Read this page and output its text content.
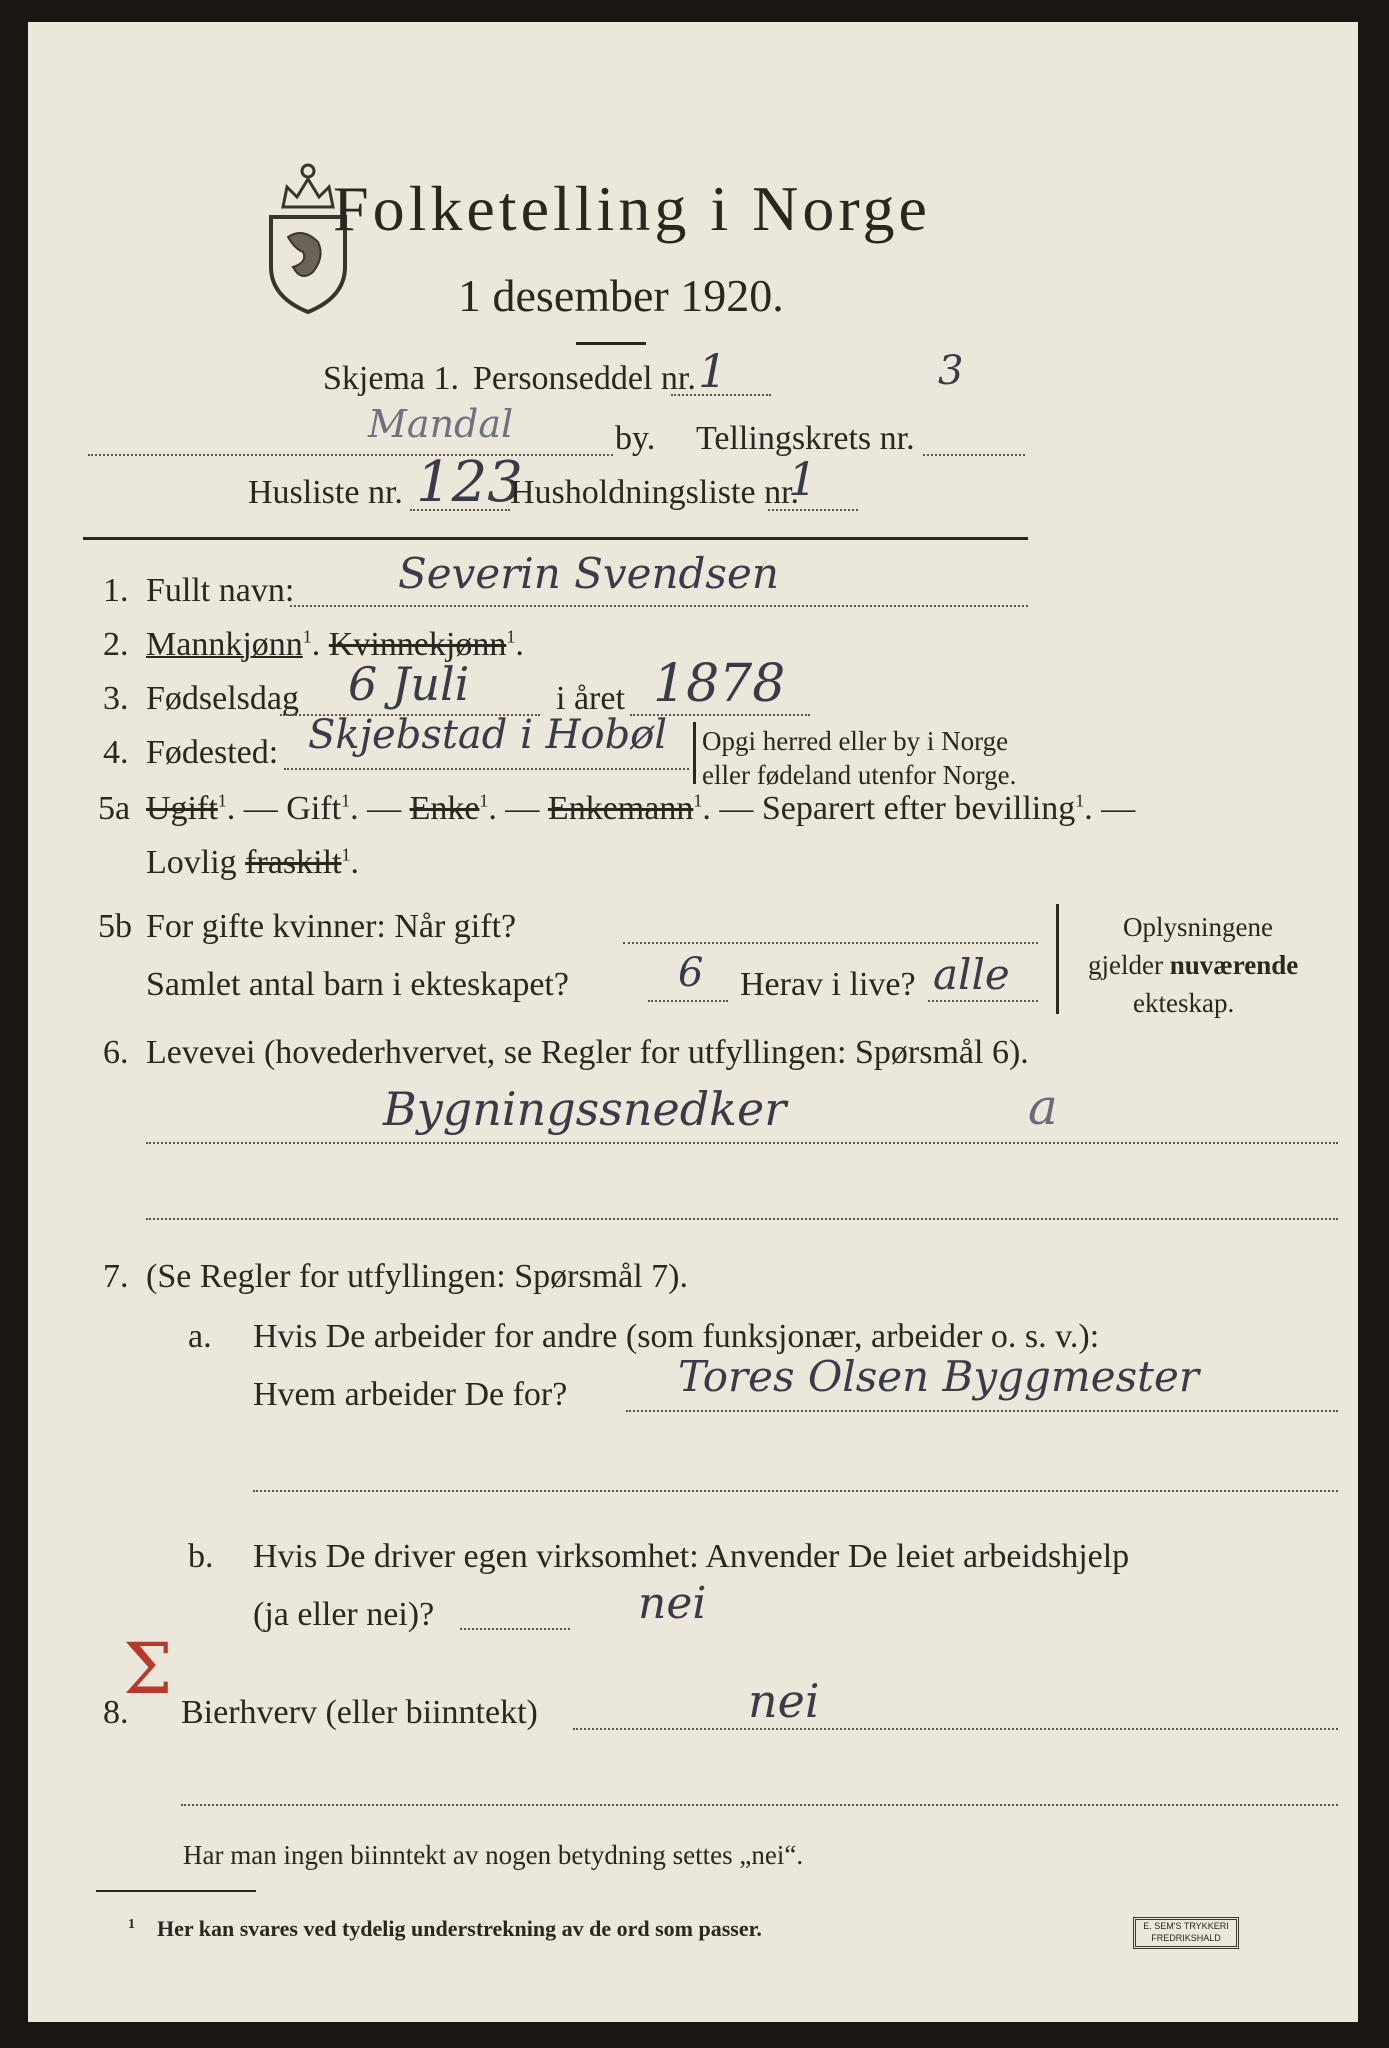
Folketelling i Norge
1 desember 1920.
Skjema 1. Personseddel nr. 1	3
Mandal	by. Tellingskrets nr.
Husliste nr. 123
Husholdningsliste nr.
1
1. Fullt navn: Severin Svendsen
2. Mannkjønn$^1$. Kvinnekjønn$^1$.
3. Fødselsdag 6 Juli	i året 1878
4. Fødested: Skjebstad i Hobøl Opgi herred eller by i Norge
eller fødeland utenfor Norge.
5a Ugift$^1$. — Gift$^1$. — Enke$^1$. — Enkemann$^1$. — Separert efter bevilling$^1$. —
Lovlig fraskilt$^1$.
5b For gifte kvinner: Når gift?
Samlet antal barn i ekteskapet?	6 Herav i live? alle
Oplysningene
gjelder nuværende
ekteskap.
6. Levevei (hovederhvervet, se Regler for utfyllingen: Spørsmål 6).
Bygningssnedker	a
7. (Se Regler for utfyllingen: Spørsmål 7).
a. Hvis De arbeider for andre (som funksjonær, arbeider o. s. v.):
Hvem arbeider De for?	Tores Olsen Byggmester
b. Hvis De driver egen virksomhet: Anvender De leiet arbeidshjelp
(ja eller nei)?	nei
Σ
8. Bierhverv (eller biinntekt)	nei
Har man ingen biinntekt av nogen betydning settes „nei“.
$^1$ Her kan svares ved tydelig understrekning av de ord som passer.	E. SEM'S TRYKKERI
FREDRIKSHALD
